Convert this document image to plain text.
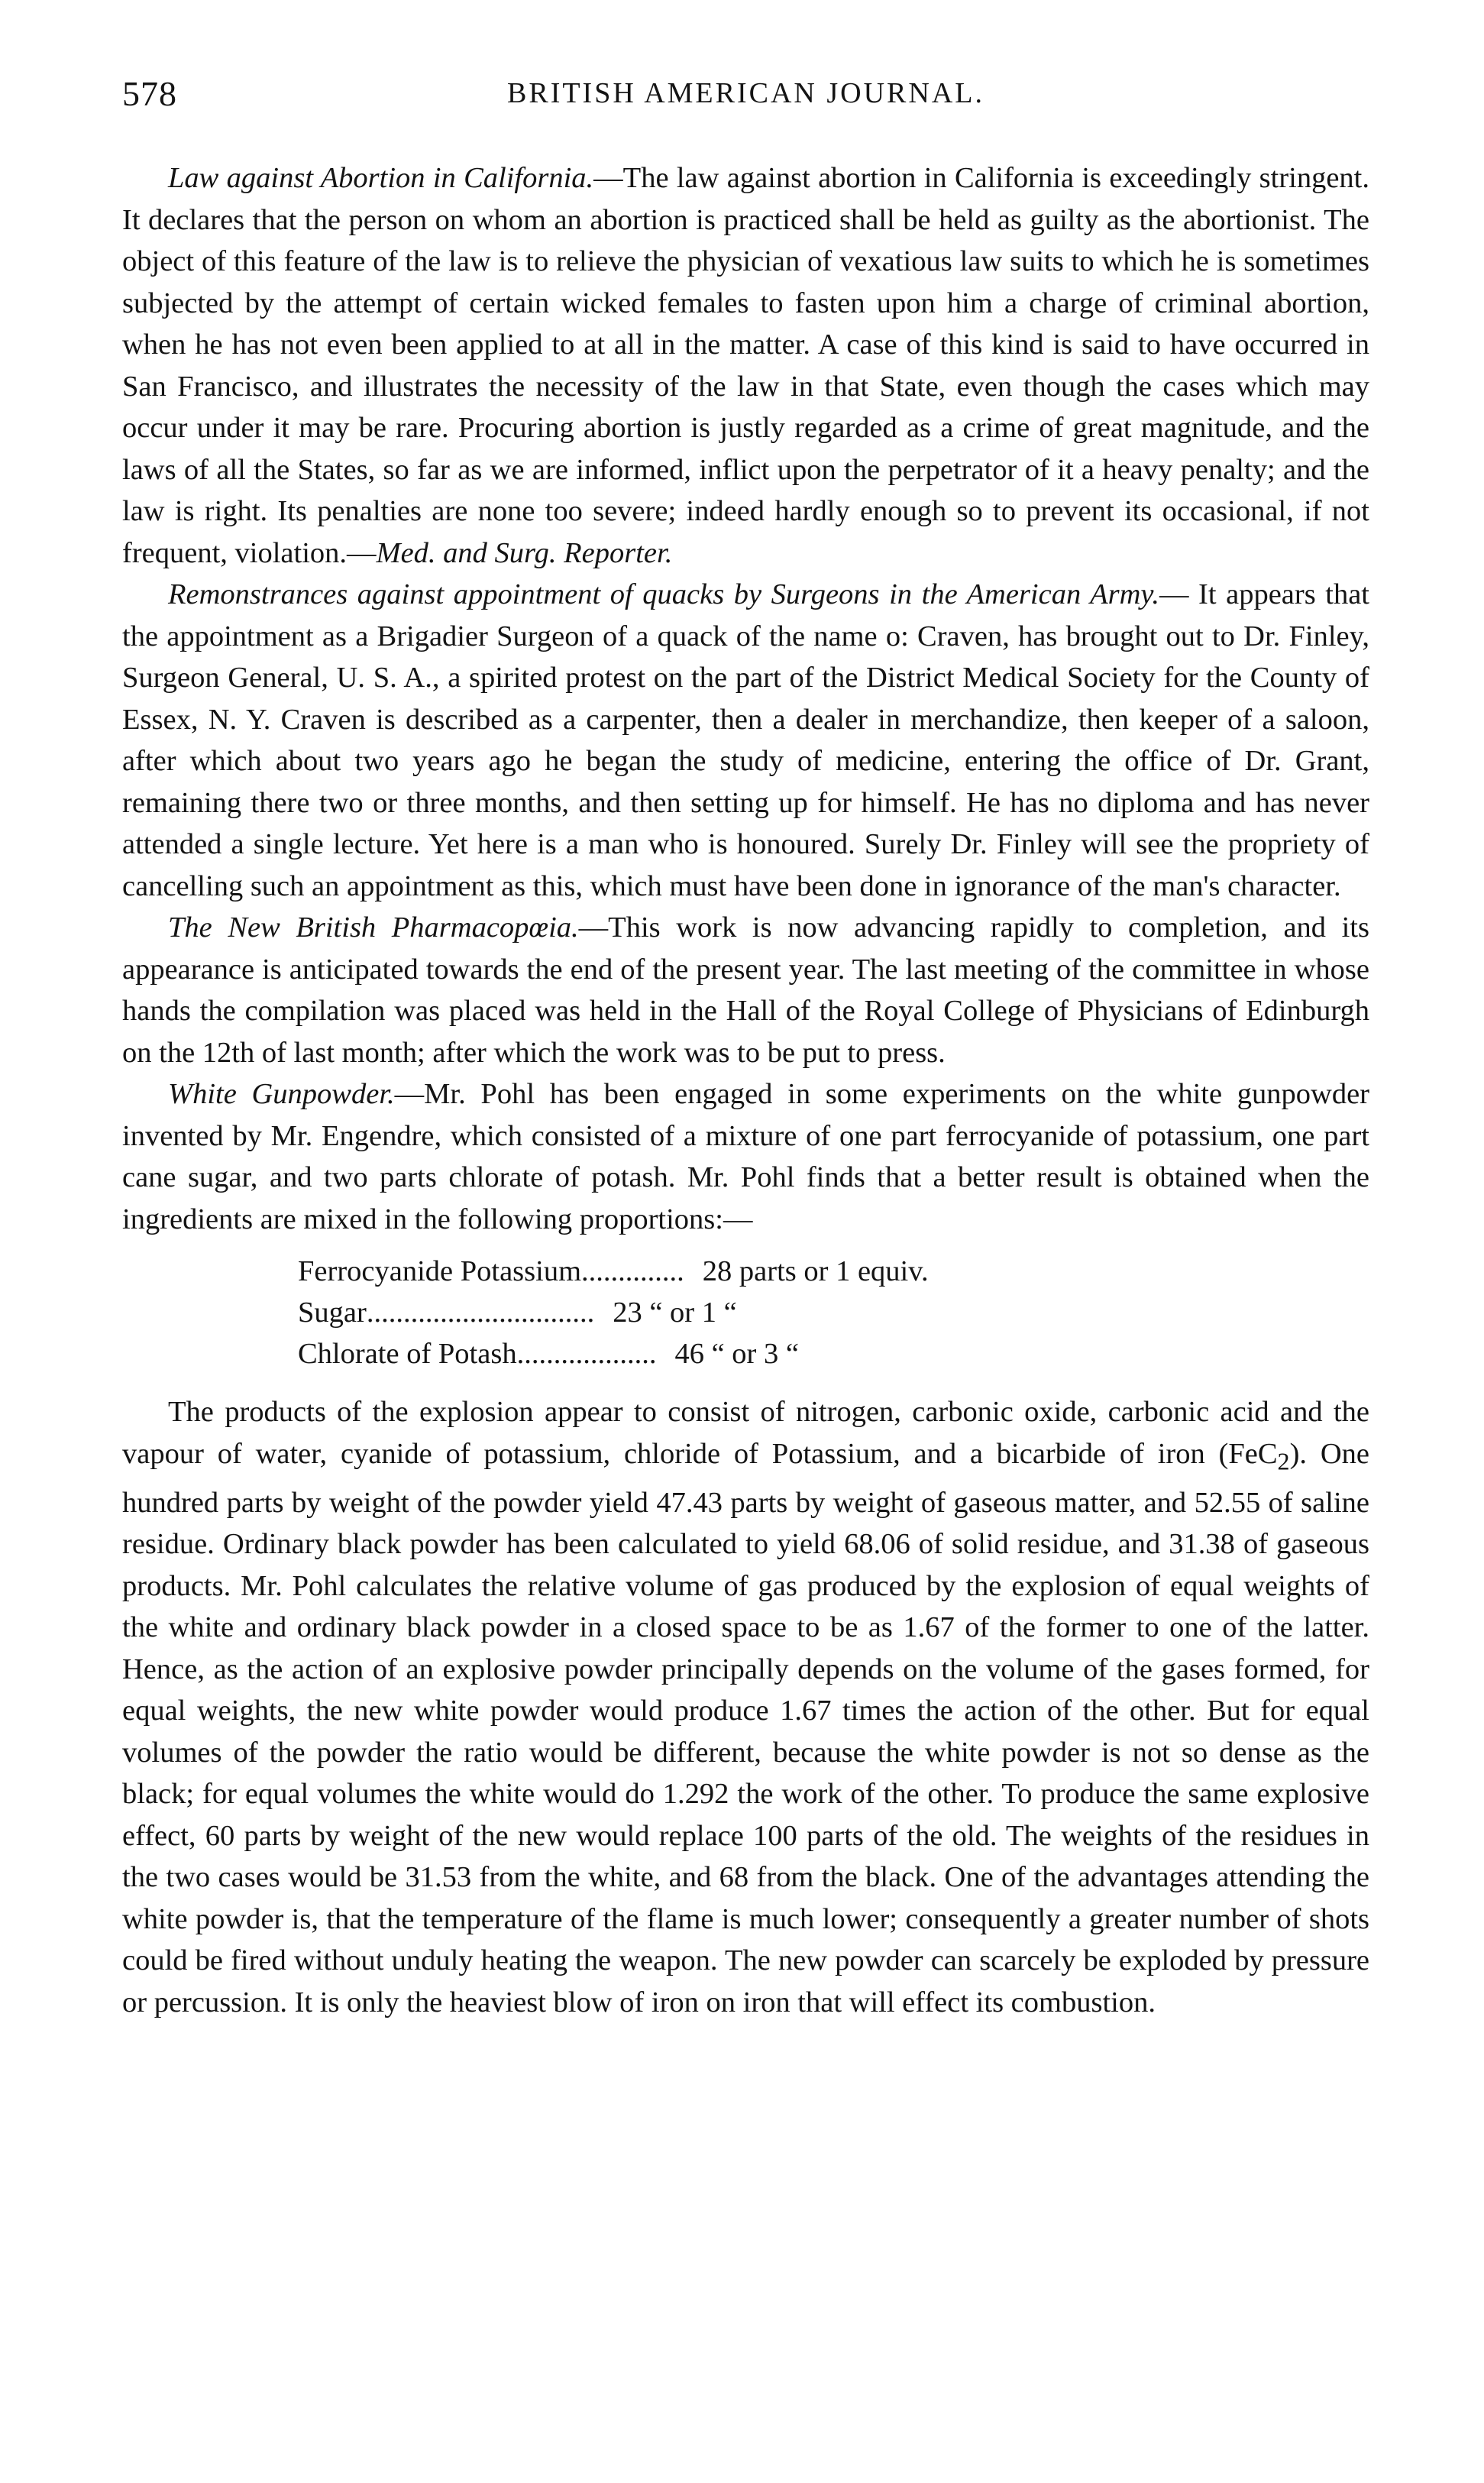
578	BRITISH AMERICAN JOURNAL.

Law against Abortion in California.—The law against abortion in California is exceedingly stringent. It declares that the person on whom an abortion is practiced shall be held as guilty as the abortionist. The object of this feature of the law is to relieve the physician of vexatious law suits to which he is sometimes subjected by the attempt of certain wicked females to fasten upon him a charge of criminal abortion, when he has not even been applied to at all in the matter. A case of this kind is said to have occurred in San Francisco, and illustrates the necessity of the law in that State, even though the cases which may occur under it may be rare. Procuring abortion is justly regarded as a crime of great magnitude, and the laws of all the States, so far as we are informed, inflict upon the perpetrator of it a heavy penalty; and the law is right. Its penalties are none too severe; indeed hardly enough so to prevent its occasional, if not frequent, violation.—Med. and Surg. Reporter.

Remonstrances against appointment of quacks by Surgeons in the American Army.— It appears that the appointment as a Brigadier Surgeon of a quack of the name o: Craven, has brought out to Dr. Finley, Surgeon General, U. S. A., a spirited protest on the part of the District Medical Society for the County of Essex, N. Y. Craven is described as a carpenter, then a dealer in merchandize, then keeper of a saloon, after which about two years ago he began the study of medicine, entering the office of Dr. Grant, remaining there two or three months, and then setting up for himself. He has no diploma and has never attended a single lecture. Yet here is a man who is honoured. Surely Dr. Finley will see the propriety of cancelling such an appointment as this, which must have been done in ignorance of the man's character.

The New British Pharmacopœia.—This work is now advancing rapidly to completion, and its appearance is anticipated towards the end of the present year. The last meeting of the committee in whose hands the compilation was placed was held in the Hall of the Royal College of Physicians of Edinburgh on the 12th of last month; after which the work was to be put to press.

White Gunpowder.—Mr. Pohl has been engaged in some experiments on the white gunpowder invented by Mr. Engendre, which consisted of a mixture of one part ferrocyanide of potassium, one part cane sugar, and two parts chlorate of potash. Mr. Pohl finds that a better result is obtained when the ingredients are mixed in the following proportions:—

Ferrocyanide Potassium .............. 28 parts or 1 equiv.
Sugar ............................... 23 “ or 1 “
Chlorate of Potash ................... 46 “ or 3 “

The products of the explosion appear to consist of nitrogen, carbonic oxide, carbonic acid and the vapour of water, cyanide of potassium, chloride of Potassium, and a bicarbide of iron (FeC$_2$). One hundred parts by weight of the powder yield 47.43 parts by weight of gaseous matter, and 52.55 of saline residue. Ordinary black powder has been calculated to yield 68.06 of solid residue, and 31.38 of gaseous products. Mr. Pohl calculates the relative volume of gas produced by the explosion of equal weights of the white and ordinary black powder in a closed space to be as 1.67 of the former to one of the latter. Hence, as the action of an explosive powder principally depends on the volume of the gases formed, for equal weights, the new white powder would produce 1.67 times the action of the other. But for equal volumes of the powder the ratio would be different, because the white powder is not so dense as the black; for equal volumes the white would do 1.292 the work of the other. To produce the same explosive effect, 60 parts by weight of the new would replace 100 parts of the old. The weights of the residues in the two cases would be 31.53 from the white, and 68 from the black. One of the advantages attending the white powder is, that the temperature of the flame is much lower; consequently a greater number of shots could be fired without unduly heating the weapon. The new powder can scarcely be exploded by pressure or percussion. It is only the heaviest blow of iron on iron that will effect its combustion.
